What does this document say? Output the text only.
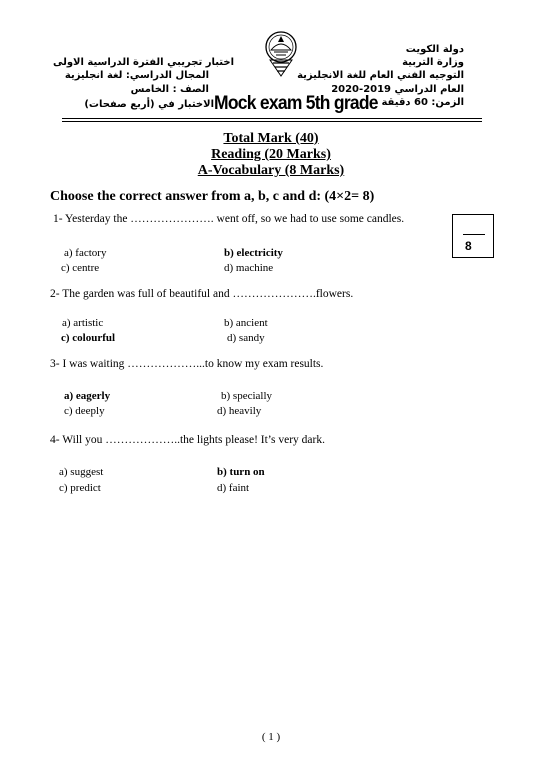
دولة الكويت
وزارة التربية
التوجيه الفني العام للغة الانجليزية
العام الدراسي 2019-2020
الزمن: 60 دقيقة
اختبار تجريبي الفترة الدراسية الاولى
المجال الدراسي: لغة انجليزية
الصف : الخامس
الاختبار في (أربع صفحات) Mock exam 5th grade
Total Mark (40)
Reading (20 Marks)
A-Vocabulary (8 Marks)
Choose the correct answer from a, b, c and d: (4×2= 8)
8
1- Yesterday the …………………. went off, so we had to use some candles.
a) factory	b) electricity
c) centre	d) machine
2- The garden was full of beautiful and ………………….flowers.
a) artistic	b) ancient
c) colourful	d) sandy
3- I was waiting ………………...to know my exam results.
a) eagerly	b) specially
c) deeply	d) heavily
4- Will you ………………..the lights please! It’s very dark.
a) suggest	b) turn on
c) predict	d) faint
( 1 )
